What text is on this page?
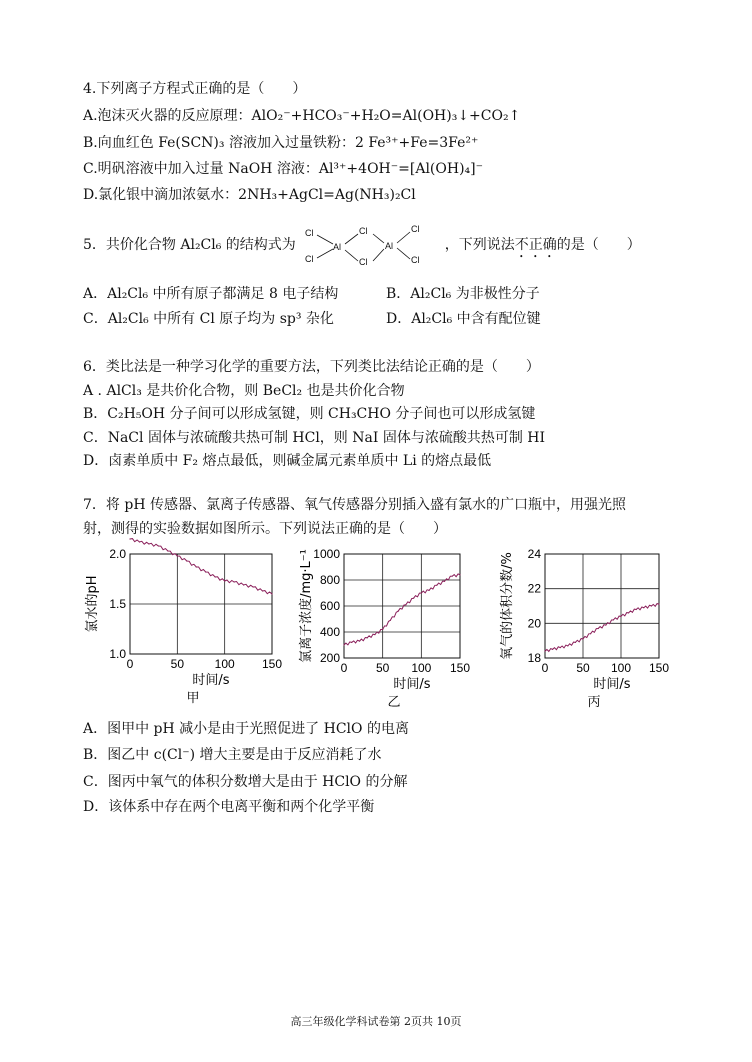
4.下列离子方程式正确的是（　　）
A.泡沫灭火器的反应原理：AlO₂⁻+HCO₃⁻+H₂O=Al(OH)₃↓+CO₂↑
B.向血红色 Fe(SCN)₃ 溶液加入过量铁粉：2 Fe³⁺+Fe=3Fe²⁺
C.明矾溶液中加入过量 NaOH 溶液：Al³⁺+4OH⁻=[Al(OH)₄]⁻
D.氯化银中滴加浓氨水：2NH₃+AgCl=Ag(NH₃)₂Cl
5．共价化合物 Al₂Cl₆ 的结构式为	，下列说法不正确的是（　　）
Cl
Cl
Al
Cl
Al
Cl
Cl
Cl
A．Al₂Cl₆ 中所有原子都满足 8 电子结构	B．Al₂Cl₆ 为非极性分子
C．Al₂Cl₆ 中所有 Cl 原子均为 sp³ 杂化	D．Al₂Cl₆ 中含有配位键
6．类比法是一种学习化学的重要方法，下列类比法结论正确的是（　　）
A . AlCl₃ 是共价化合物，则 BeCl₂ 也是共价化合物
B．C₂H₅OH 分子间可以形成氢键，则 CH₃CHO 分子间也可以形成氢键
C．NaCl 固体与浓硫酸共热可制 HCl，则 NaI 固体与浓硫酸共热可制 HI
D．卤素单质中 F₂ 熔点最低，则碱金属元素单质中 Li 的熔点最低
7．将 pH 传感器、氯离子传感器、氧气传感器分别插入盛有氯水的广口瓶中，用强光照
射，测得的实验数据如图所示。下列说法正确的是（　　）
1.0
1.5
2.0
0	50	100 150
时间/s
氯水的pH
甲
200
400
600
800
1000
0 50 100 150
时间/s
氯离子浓度/mg·L⁻¹
乙
18
20
22
24
0 50 100 150
时间/s
氧气的体积分数/%
丙
A．图甲中 pH 减小是由于光照促进了 HClO 的电离
B．图乙中 c(Cl⁻) 增大主要是由于反应消耗了水
C．图丙中氧气的体积分数增大是由于 HClO 的分解
D．该体系中存在两个电离平衡和两个化学平衡
高三年级化学科试卷第 2页共 10页
